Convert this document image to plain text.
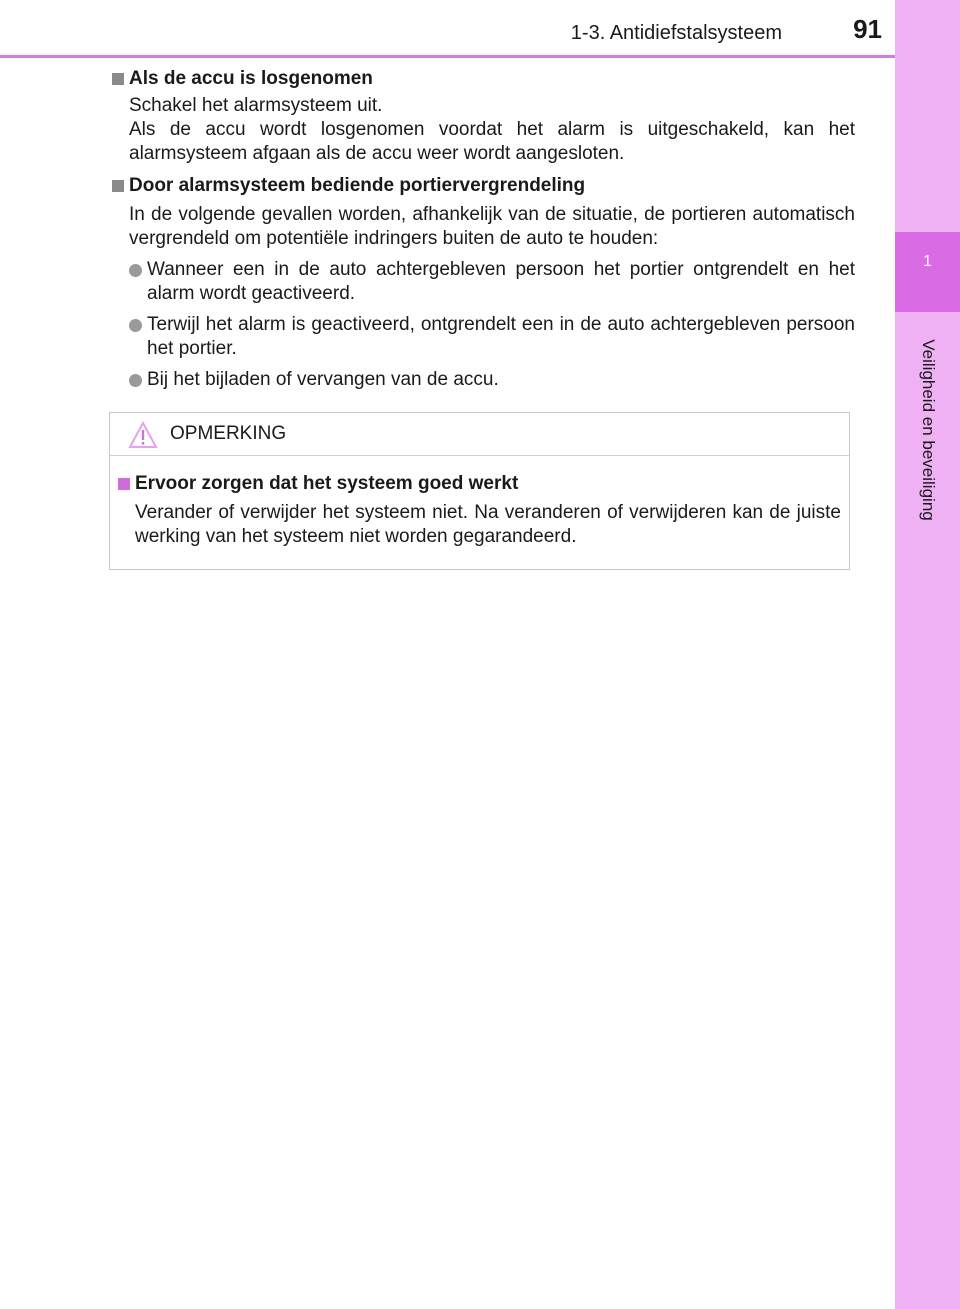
1-3. Antidiefstalsysteem	91
1
Veiligheid en beveiliging
Als de accu is losgenomen
Schakel het alarmsysteem uit.
Als de accu wordt losgenomen voordat het alarm is uitgeschakeld, kan het alarmsysteem afgaan als de accu weer wordt aangesloten.
Door alarmsysteem bediende portiervergrendeling
In de volgende gevallen worden, afhankelijk van de situatie, de portieren automatisch vergrendeld om potentiële indringers buiten de auto te houden:
Wanneer een in de auto achtergebleven persoon het portier ontgrendelt en het alarm wordt geactiveerd.
Terwijl het alarm is geactiveerd, ontgrendelt een in de auto achtergebleven persoon het portier.
Bij het bijladen of vervangen van de accu.
OPMERKING
Ervoor zorgen dat het systeem goed werkt
Verander of verwijder het systeem niet. Na veranderen of verwijderen kan de juiste werking van het systeem niet worden gegarandeerd.
